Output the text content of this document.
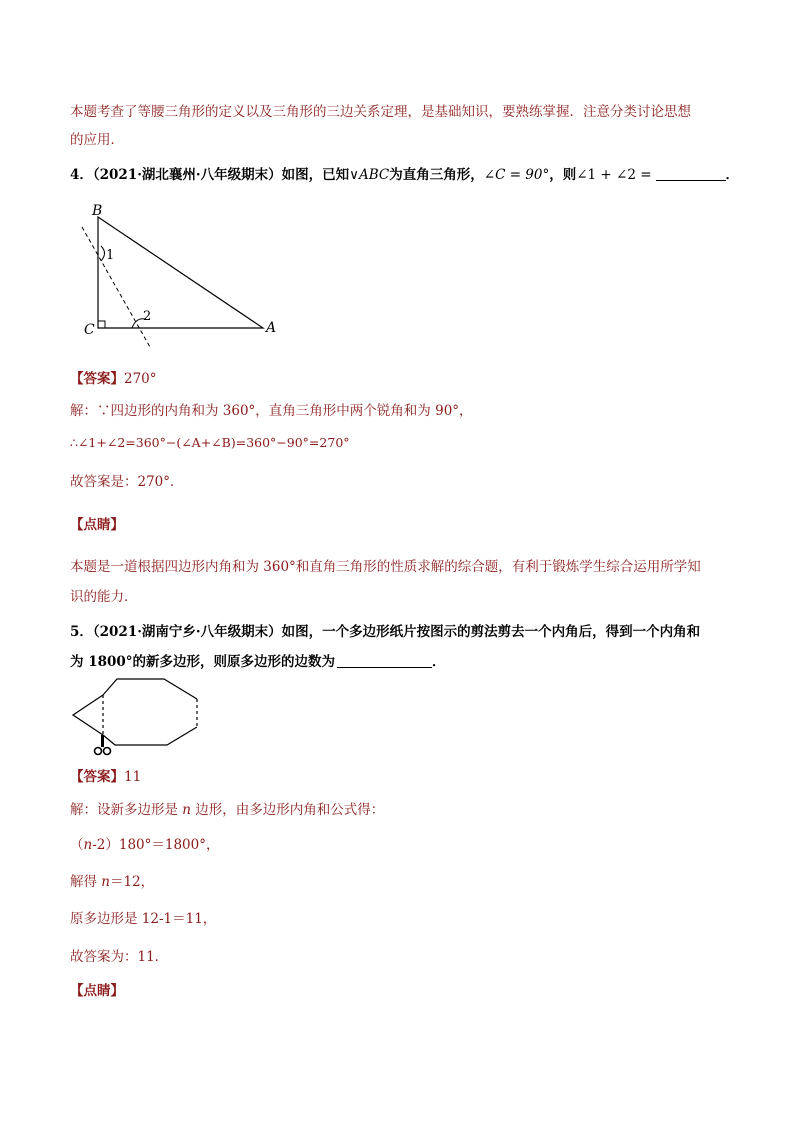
本题考查了等腰三角形的定义以及三角形的三边关系定理，是基础知识，要熟练掌握．注意分类讨论思想
的应用．
4．（2021·湖北襄州·八年级期末）如图，已知∨ABC为直角三角形，∠C = 90°，则∠1 + ∠2 =	．
B
C	A
1
2
【答案】270°
解：∵四边形的内角和为 360°，直角三角形中两个锐角和为 90°，
∴∠1+∠2=360°−(∠A+∠B)=360°−90°=270°
故答案是：270°．
【点睛】
本题是一道根据四边形内角和为 360°和直角三角形的性质求解的综合题，有利于锻炼学生综合运用所学知
识的能力．
5．（2021·湖南宁乡·八年级期末）如图，一个多边形纸片按图示的剪法剪去一个内角后，得到一个内角和
为 1800°的新多边形，则原多边形的边数为	．
【答案】11
解：设新多边形是 n 边形，由多边形内角和公式得：
（n-2）180°＝1800°，
解得 n＝12，
原多边形是 12-1＝11，
故答案为：11．
【点睛】
